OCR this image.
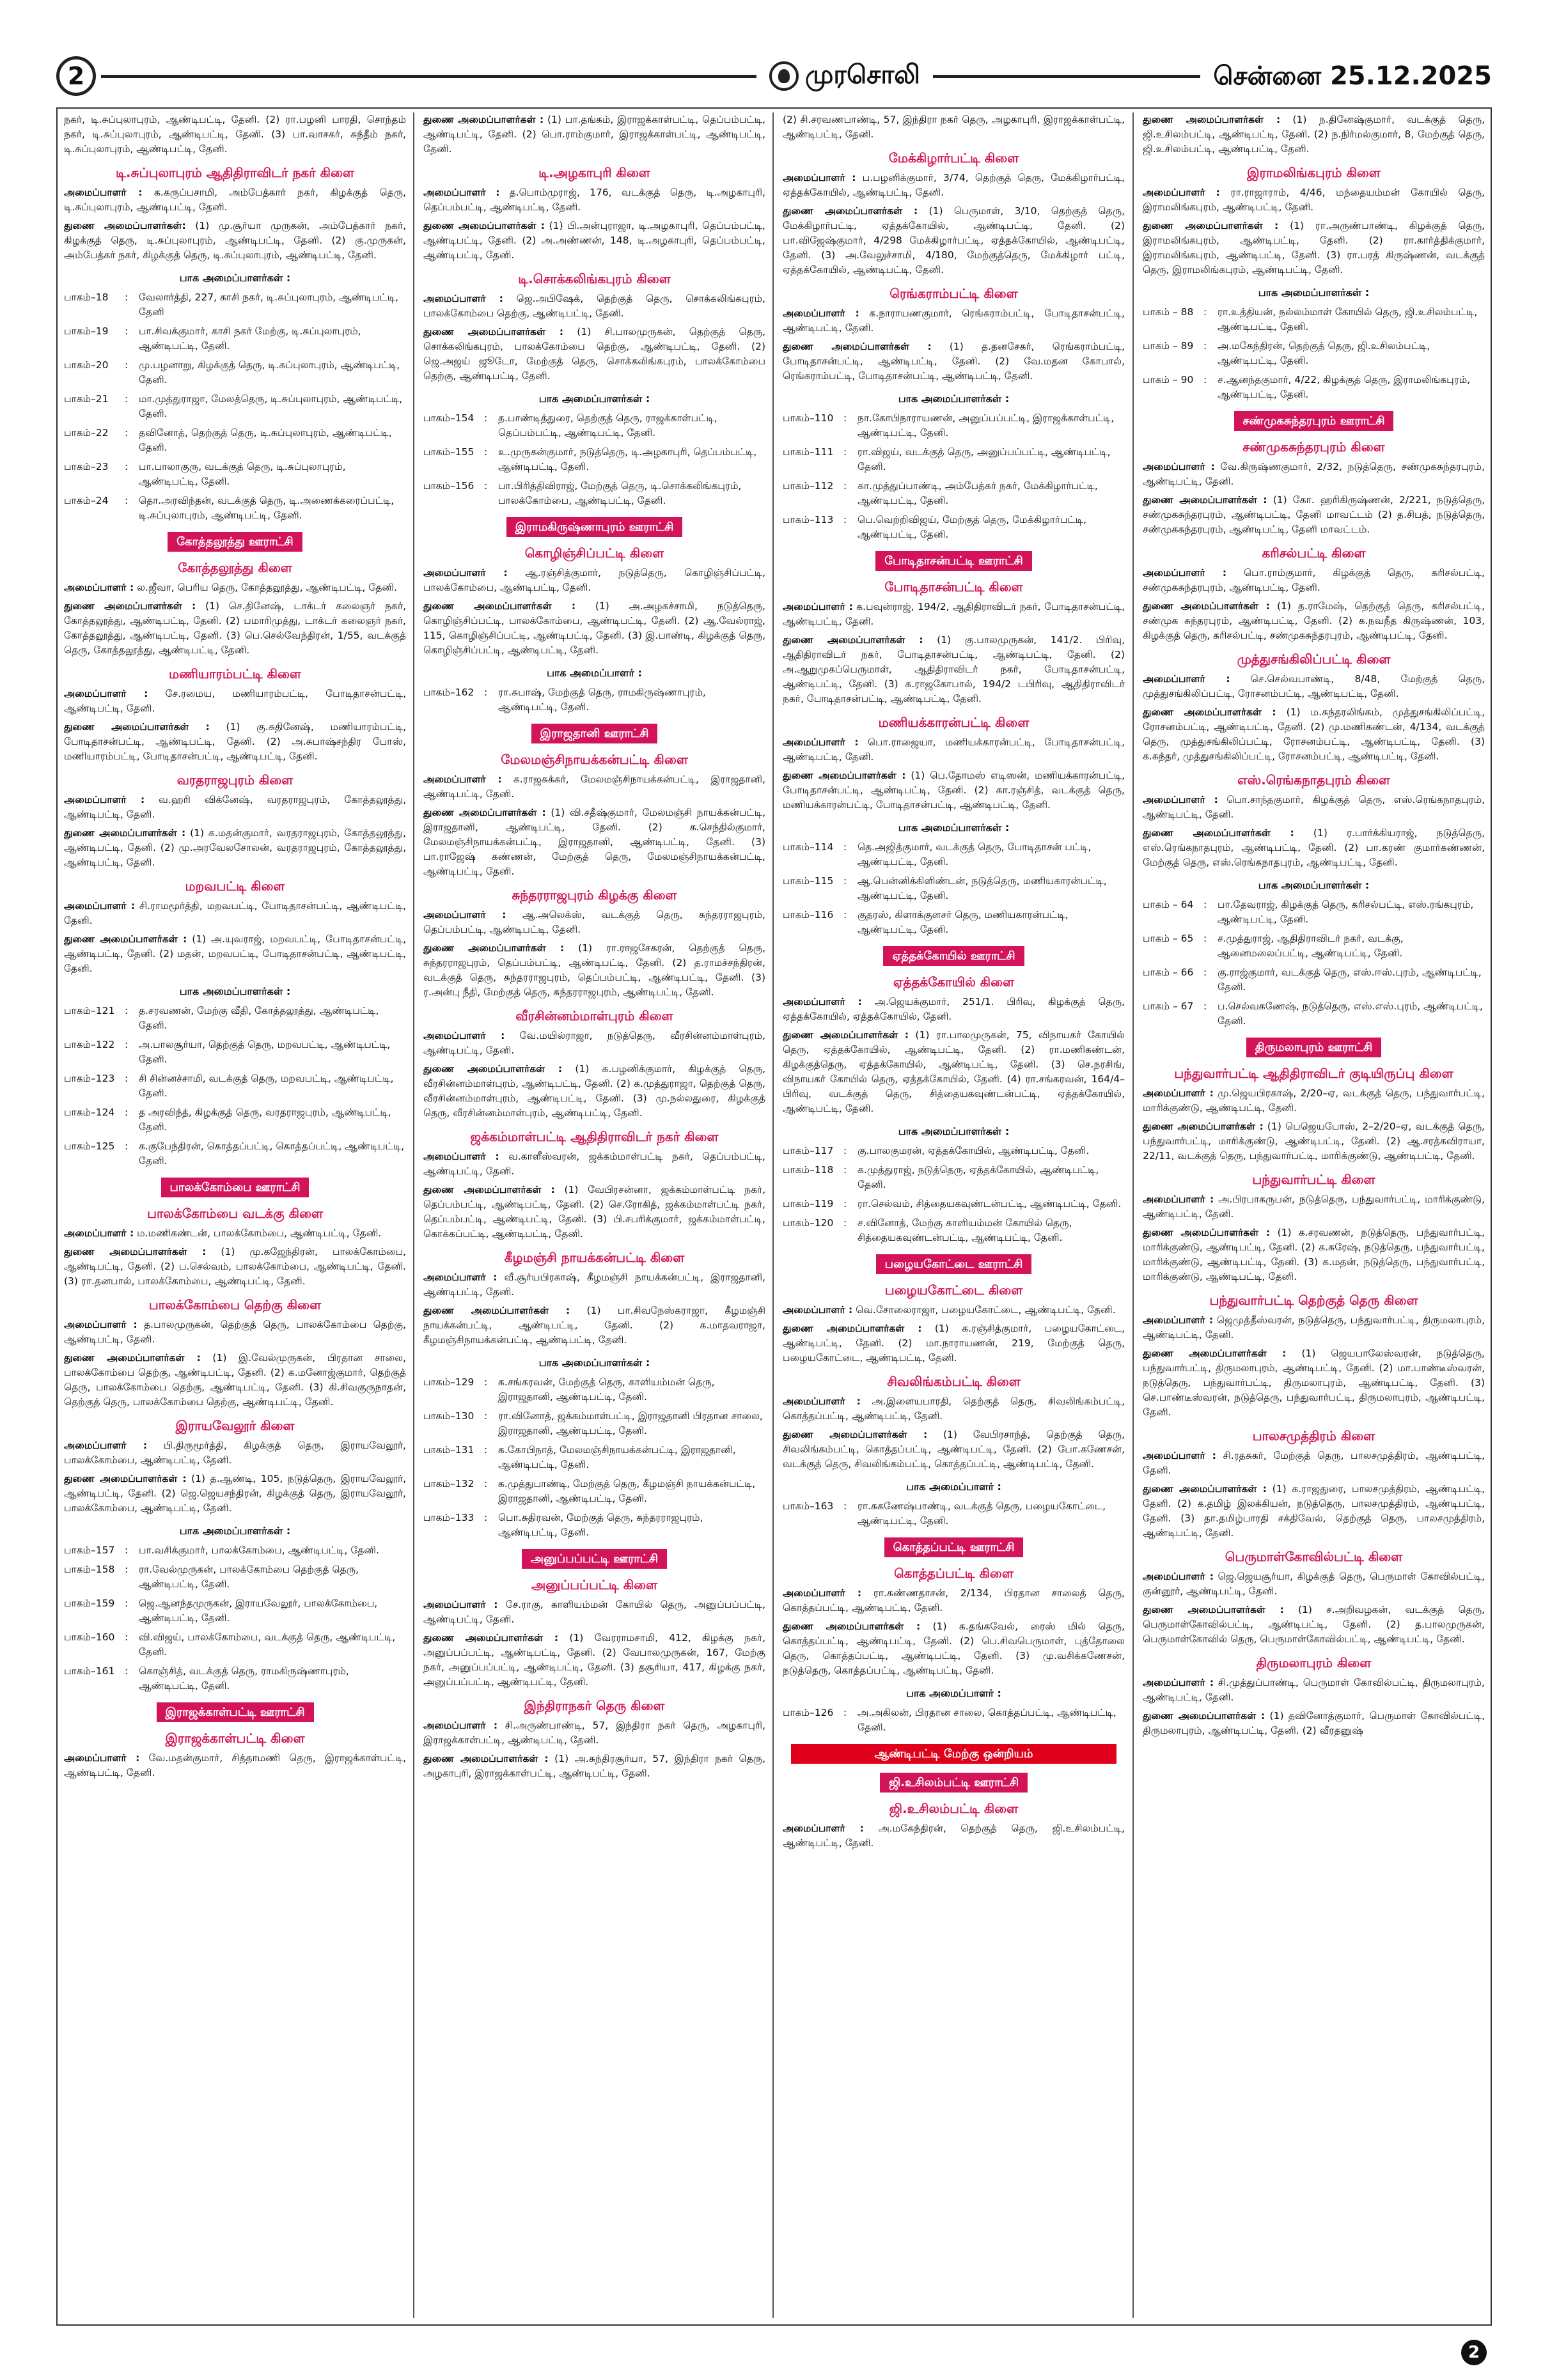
2	முரசொலி	சென்னை 25.12.2025
நகர், டி.சுப்புலாபுரம், ஆண்டிபட்டி, தேனி. (2) ரா.பழனி பாரதி, சொந்தம் நகர், டி.சுப்புலாபுரம், ஆண்டிபட்டி, தேனி. (3) பா.வாசகர், சுந்தீம் நகர், டி.சுப்புலாபுரம், ஆண்டிபட்டி, தேனி.
டி.சுப்புலாபுரம் ஆதிதிராவிடர் நகர் கிளை
அமைப்பாளர் : க.கருப்பசாமி, அம்பேத்கார் நகர், கிழக்குத் தெரு, டி.சுப்புலாபுரம், ஆண்டிபட்டி, தேனி.
துணை அமைப்பாளர்கள்: (1) மு.சூர்யா முருகன், அம்பேத்கார் நகர், கிழக்குத் தெரு, டி.சுப்புலாபுரம், ஆண்டிபட்டி, தேனி. (2) கு.முருகன், அம்பேத்கர் நகர், கிழக்குத் தெரு, டி.சுப்புலாபுரம், ஆண்டிபட்டி, தேனி.
பாக அமைப்பாளர்கள் :
பாகம்–18	:	வேலார்த்தி, 227, காசி நகர், டி.சுப்புலாபுரம், ஆண்டிபட்டி, தேனி
பாகம்–19	:	பா.சிவக்குமார், காசி நகர் மேற்கு, டி.சுப்புலாபுரம், ஆண்டிபட்டி, தேனி.
பாகம்–20	:	மு.பழனாறு, கிழக்குத் தெரு, டி.சுப்புலாபுரம், ஆண்டிபட்டி, தேனி.
பாகம்–21	:	மா.முத்துராஜா, மேலத்தெரு, டி.சுப்புலாபுரம், ஆண்டிபட்டி, தேனி.
பாகம்–22	:	தவினோத், தெற்குத் தெரு, டி.சுப்புலாபுரம், ஆண்டிபட்டி, தேனி.
பாகம்–23	:	பா.பாலாகுரு, வடக்குத் தெரு, டி.சுப்புலாபுரம், ஆண்டிபட்டி, தேனி.
பாகம்–24	:	தொ.அரவிந்தன், வடக்குத் தெரு, டி.அணைக்கரைப்பட்டி, டி.சுப்புலாபுரம், ஆண்டிபட்டி, தேனி.
கோத்தலூத்து ஊராட்சி
கோத்தலூத்து கிளை
அமைப்பாளர் : ல.ஜீவா, பெரிய தெரு, கோத்தலூத்து, ஆண்டிபட்டி, தேனி.
துணை அமைப்பாளர்கள் : (1) செ.தினேஷ், டாக்டர் கலைஞர் நகர், கோத்தலூத்து, ஆண்டிபட்டி, தேனி. (2) பமாரிமுத்து, டாக்டர் கலைஞர் நகர், கோத்தலூத்து, ஆண்டிபட்டி, தேனி. (3) பெ.செல்வேந்திரன், 1/55, வடக்குத் தெரு, கோத்தலூத்து, ஆண்டிபட்டி, தேனி.
மணியாரம்பட்டி கிளை
அமைப்பாளர் : சே.ரமைய, மணியாரம்பட்டி, போடிதாசன்பட்டி, ஆண்டிபட்டி, தேனி.
துணை அமைப்பாளர்கள் : (1) கு.சுதினேஷ், மணியாரம்பட்டி, போடிதாசன்பட்டி, ஆண்டிபட்டி, தேனி. (2) அ.சுபாஷ்சந்திர போஸ், மணியாரம்பட்டி, போடிதாசன்பட்டி, ஆண்டிபட்டி, தேனி.
வரதராஜபுரம் கிளை
அமைப்பாளர் : வ.ஹரி விக்னேஷ், வரதராஜபுரம், கோத்தலூத்து, ஆண்டிபட்டி, தேனி.
துணை அமைப்பாளர்கள் : (1) க.மதன்குமார், வரதராஜபுரம், கோத்தலூத்து, ஆண்டிபட்டி, தேனி. (2) மு.அரவேலசோலன், வரதராஜபுரம், கோத்தலூத்து, ஆண்டிபட்டி, தேனி.
மறவபட்டி கிளை
அமைப்பாளர் : சி.ராமமூர்த்தி, மறவபட்டி, போடிதாசன்பட்டி, ஆண்டிபட்டி, தேனி.
துணை அமைப்பாளர்கள் : (1) அ.யுவராஜ், மறவபட்டி, போடிதாசன்பட்டி, ஆண்டிபட்டி, தேனி. (2) மதன், மறவபட்டி, போடிதாசன்பட்டி, ஆண்டிபட்டி, தேனி.
பாக அமைப்பாளர்கள் :
பாகம்–121	:	த.சரவணன், மேற்கு வீதி, கோத்தலூத்து, ஆண்டிபட்டி, தேனி.
பாகம்–122	:	அ.பாலசூர்யா, தெற்குத் தெரு, மறவபட்டி, ஆண்டிபட்டி, தேனி.
பாகம்–123	:	சி சின்னச்சாமி, வடக்குத் தெரு, மறவபட்டி, ஆண்டிபட்டி, தேனி.
பாகம்–124	:	த அரவிந்த், கிழக்குத் தெரு, வரதராஜபுரம், ஆண்டிபட்டி, தேனி.
பாகம்–125	:	க.குபேந்திரன், கொத்தப்பட்டி, கொத்தப்பட்டி, ஆண்டிபட்டி, தேனி.
பாலக்கோம்பை ஊராட்சி
பாலக்கோம்பை வடக்கு கிளை
அமைப்பாளர் : ம.மணிகண்டன், பாலக்கோம்பை, ஆண்டிபட்டி, தேனி.
துணை அமைப்பாளர்கள் : (1) மு.கஜேந்திரன், பாலக்கோம்பை, ஆண்டிபட்டி, தேனி. (2) ப.செல்வம், பாலக்கோம்பை, ஆண்டிபட்டி, தேனி. (3) ரா.தனபால், பாலக்கோம்பை, ஆண்டிபட்டி, தேனி.
பாலக்கோம்பை தெற்கு கிளை
அமைப்பாளர் : த.பாலமுருகன், தெற்குத் தெரு, பாலக்கோம்பை தெற்கு, ஆண்டிபட்டி, தேனி.
துணை அமைப்பாளர்கள் : (1) இ.வேல்முருகன், பிரதான சாலை, பாலக்கோம்பை தெற்கு, ஆண்டிபட்டி, தேனி. (2) க.மனோஜ்குமார், தெற்குத் தெரு, பாலக்கோம்பை தெற்கு, ஆண்டிபட்டி, தேனி. (3) கி.சிவகுருநாதன், தெற்குத் தெரு, பாலக்கோம்பை தெற்கு, ஆண்டிபட்டி, தேனி.
இராயவேலூர் கிளை
அமைப்பாளர் : பி.திருமூர்த்தி, கிழக்குத் தெரு, இராயவேலூர், பாலக்கோம்பை, ஆண்டிபட்டி, தேனி.
துணை அமைப்பாளர்கள் : (1) த.ஆண்டி, 105, நடுத்தெரு, இராயவேலூர், ஆண்டிபட்டி, தேனி. (2) ஜெ.ஜெயசந்திரன், கிழக்குத் தெரு, இராயவேலூர், பாலக்கோம்பை, ஆண்டிபட்டி, தேனி.
பாக அமைப்பாளர்கள் :
பாகம்–157	:	பா.வசிக்குமார், பாலக்கோம்பை, ஆண்டிபட்டி, தேனி.
பாகம்–158	:	ரா.வேல்முருகன், பாலக்கோம்பை தெற்குத் தெரு, ஆண்டிபட்டி, தேனி.
பாகம்–159	:	ஜெ.ஆனந்தமுருகன், இராயவேலூர், பாலக்கோம்பை, ஆண்டிபட்டி, தேனி.
பாகம்–160	:	வி.விஜய், பாலக்கோம்பை, வடக்குத் தெரு, ஆண்டிபட்டி, தேனி.
பாகம்–161	:	கொஞ்சித், வடக்குத் தெரு, ராமகிருஷ்ணாபுரம், ஆண்டிபட்டி, தேனி.
இராஜக்காள்பட்டி ஊராட்சி
இராஜக்காள்பட்டி கிளை
அமைப்பாளர் : வே.மதன்குமார், சித்தாமணி தெரு, இராஜக்காள்பட்டி, ஆண்டிபட்டி, தேனி.
துணை அமைப்பாளர்கள் : (1) பா.தங்கம், இராஜக்காள்பட்டி, தெப்பம்பட்டி, ஆண்டிபட்டி, தேனி. (2) பொ.ராம்குமார், இராஜக்காள்பட்டி, ஆண்டிபட்டி, தேனி.
டி.அழகாபுரி கிளை
அமைப்பாளர் : த.பொம்முராஜ், 176, வடக்குத் தெரு, டி.அழகாபுரி, தெப்பம்பட்டி, ஆண்டிபட்டி, தேனி.
துணை அமைப்பாளர்கள் : (1) பி.அன்புராஜா, டி.அழகாபுரி, தெப்பம்பட்டி, ஆண்டிபட்டி, தேனி. (2) அ.அண்ணன், 148, டி.அழகாபுரி, தெப்பம்பட்டி, ஆண்டிபட்டி, தேனி.
டி.சொக்கலிங்கபுரம் கிளை
அமைப்பாளர் : ஜெ.அபிஷேக், தெற்குத் தெரு, சொக்கலிங்கபுரம், பாலக்கோம்பை தெற்கு, ஆண்டிபட்டி, தேனி.
துணை அமைப்பாளர்கள் : (1) சி.பாலமுருகன், தெற்குத் தெரு, சொக்கலிங்கபுரம், பாலக்கோம்பை தெற்கு, ஆண்டிபட்டி, தேனி. (2) ஜெ.அஜய் ஜூடோ, மேற்குத் தெரு, சொக்கலிங்கபுரம், பாலக்கோம்பை தெற்கு, ஆண்டிபட்டி, தேனி.
பாக அமைப்பாளர்கள் :
பாகம்–154	:	த.பாண்டித்துரை, தெற்குத் தெரு, ராஜக்காள்பட்டி, தெப்பம்பட்டி, ஆண்டிபட்டி, தேனி.
பாகம்–155	:	உ.முருகன்குமார், நடுத்தெரு, டி.அழகாபுரி, தெப்பம்பட்டி, ஆண்டிபட்டி, தேனி.
பாகம்–156	:	பா.பிரித்திவிராஜ், மேற்குத் தெரு, டி.சொக்கலிங்கபுரம், பாலக்கோம்பை, ஆண்டிபட்டி, தேனி.
இராமகிருஷ்ணாபுரம் ஊராட்சி
கொழிஞ்சிப்பட்டி கிளை
அமைப்பாளர் : ஆ.ரஞ்சித்குமார், நடுத்தெரு, கொழிஞ்சிப்பட்டி, பாலக்கோம்பை, ஆண்டிபட்டி, தேனி.
துணை அமைப்பாளர்கள் : (1) அ.அழகச்சாமி, நடுத்தெரு, கொழிஞ்சிப்பட்டி, பாலக்கோம்பை, ஆண்டிபட்டி, தேனி. (2) ஆ.வேல்ராஜ், 115, கொழிஞ்சிப்பட்டி, ஆண்டிபட்டி, தேனி. (3) இ.பாண்டி, கிழக்குத் தெரு, கொழிஞ்சிப்பட்டி, ஆண்டிபட்டி, தேனி.
பாக அமைப்பாளர் :
பாகம்–162	:	ரா.சுபாஷ், மேற்குத் தெரு, ராமகிருஷ்ணாபுரம், ஆண்டிபட்டி, தேனி.
இராஜதானி ஊராட்சி
மேலமஞ்சிநாயக்கன்பட்டி கிளை
அமைப்பாளர் : க.ராஜசுக்கர், மேலமஞ்சிநாயக்கன்பட்டி, இராஜதானி, ஆண்டிபட்டி, தேனி.
துணை அமைப்பாளர்கள் : (1) வி.சதீஷ்குமார், மேலமஞ்சி நாயக்கன்பட்டி, இராஜதானி, ஆண்டிபட்டி, தேனி. (2) க.செந்தில்குமார், மேலமஞ்சிநாயக்கன்பட்டி, இராஜதானி, ஆண்டிபட்டி, தேனி. (3) பா.ராஜேஷ் கண்ணன், மேற்குத் தெரு, மேலமஞ்சிநாயக்கன்பட்டி, ஆண்டிபட்டி, தேனி.
சுந்தரராஜபுரம் கிழக்கு கிளை
அமைப்பாளர் : ஆ.அலெக்ஸ், வடக்குத் தெரு, சுந்தரராஜபுரம், தெப்பம்பட்டி, ஆண்டிபட்டி, தேனி.
துணை அமைப்பாளர்கள் : (1) ரா.ராஜசேகரன், தெற்குத் தெரு, சுந்தரராஜபுரம், தெப்பம்பட்டி, ஆண்டிபட்டி, தேனி. (2) த.ராமச்சந்திரன், வடக்குத் தெரு, சுந்தரராஜபுரம், தெப்பம்பட்டி, ஆண்டிபட்டி, தேனி. (3) ர.அன்பு நீதி, மேற்குத் தெரு, சுந்தரராஜபுரம், ஆண்டிபட்டி, தேனி.
வீரசின்னம்மாள்புரம் கிளை
அமைப்பாளர் : வே.மயில்ராஜா, நடுத்தெரு, வீரசின்னம்மாள்புரம், ஆண்டிபட்டி, தேனி.
துணை அமைப்பாளர்கள் : (1) க.பழனிக்குமார், கிழக்குத் தெரு, வீரசின்னம்மாள்புரம், ஆண்டிபட்டி, தேனி. (2) க.முத்துராஜா, தெற்குத் தெரு, வீரசின்னம்மாள்புரம், ஆண்டிபட்டி, தேனி. (3) மு.நல்லதுரை, கிழக்குத் தெரு, வீரசின்னம்மாள்புரம், ஆண்டிபட்டி, தேனி.
ஜக்கம்மாள்பட்டி ஆதிதிராவிடர் நகர் கிளை
அமைப்பாளர் : வ.காளீஸ்வரன், ஜக்கம்மாள்பட்டி நகர், தெப்பம்பட்டி, ஆண்டிபட்டி, தேனி.
துணை அமைப்பாளர்கள் : (1) வேபிரசன்னா, ஜக்கம்மாள்பட்டி நகர், தெப்பம்பட்டி, ஆண்டிபட்டி, தேனி. (2) செ.ரோகித், ஜக்கம்மாள்பட்டி நகர், தெப்பம்பட்டி, ஆண்டிபட்டி, தேனி. (3) பி.சபரிக்குமார், ஜக்கம்மாள்பட்டி, கொக்கப்பட்டி, ஆண்டிபட்டி, தேனி.
கீழமஞ்சி நாயக்கன்பட்டி கிளை
அமைப்பாளர் : வீ.சூர்யபிரகாஷ், கீழமஞ்சி நாயக்கன்பட்டி, இராஜதானி, ஆண்டிபட்டி, தேனி.
துணை அமைப்பாளர்கள் : (1) பா.சிவநேஸ்கராஜா, கீழமஞ்சி நாயக்கன்பட்டி, ஆண்டிபட்டி, தேனி. (2) க.மாதவராஜா, கீழமஞ்சிநாயக்கன்பட்டி, ஆண்டிபட்டி, தேனி.
பாக அமைப்பாளர்கள் :
பாகம்–129	:	க.சங்கரவன், மேற்குத் தெரு, காளியம்மன் தெரு, இராஜதானி, ஆண்டிபட்டி, தேனி.
பாகம்–130	:	ரா.வினோத், ஜக்கம்மாள்பட்டி, இராஜதானி பிரதான சாலை, இராஜதானி, ஆண்டிபட்டி, தேனி.
பாகம்–131	:	க.கோபிநாத், மேலமஞ்சிநாயக்கன்பட்டி, இராஜதானி, ஆண்டிபட்டி, தேனி.
பாகம்–132	:	க.முத்துபாண்டி, மேற்குத் தெரு, கீழமஞ்சி நாயக்கன்பட்டி, இராஜதானி, ஆண்டிபட்டி, தேனி.
பாகம்–133	:	பொ.சுதிரவன், மேற்குத் தெரு, சுந்தரராஜபுரம், ஆண்டிபட்டி, தேனி.
அனுப்பப்பட்டி ஊராட்சி
அனுப்பப்பட்டி கிளை
அமைப்பாளர் : சே.ராகு, காளியம்மன் கோயில் தெரு, அனுப்பப்பட்டி, ஆண்டிபட்டி, தேனி.
துணை அமைப்பாளர்கள் : (1) வேரராமசாமி, 412, கிழக்கு நகர், அனுப்பப்பட்டி, ஆண்டிபட்டி, தேனி. (2) வேபாலமுருகன், 167, மேற்கு நகர், அனுப்பப்பட்டி, ஆண்டிபட்டி, தேனி. (3) தசூரியா, 417, கிழக்கு நகர், அனுப்பப்பட்டி, ஆண்டிபட்டி, தேனி.
இந்திராநகர் தெரு கிளை
அமைப்பாளர் : சி.அருண்பாண்டி, 57, இந்திரா நகர் தெரு, அழகாபுரி, இராஜக்காள்பட்டி, ஆண்டிபட்டி, தேனி.
துணை அமைப்பாளர்கள் : (1) அ.சுந்திரசூர்யா, 57, இந்திரா நகர் தெரு, அழகாபுரி, இராஜக்காள்பட்டி, ஆண்டிபட்டி, தேனி.
(2) சி.சரவணபாண்டி, 57, இந்திரா நகர் தெரு, அழகாபுரி, இராஜக்காள்பட்டி, ஆண்டிபட்டி, தேனி.
மேக்கிழார்பட்டி கிளை
அமைப்பாளர் : ப.பழனிக்குமார், 3/74, தெற்குத் தெரு, மேக்கிழார்பட்டி, ஏத்தக்கோயில், ஆண்டிபட்டி, தேனி.
துணை அமைப்பாளர்கள் : (1) பெருமாள், 3/10, தெற்குத் தெரு, மேக்கிழார்பட்டி, ஏத்தக்கோயில், ஆண்டிபட்டி, தேனி. (2) பா.விஜேஷ்குமார், 4/298 மேக்கிழார்பட்டி, ஏத்தக்கோயில், ஆண்டிபட்டி, தேனி. (3) அ.வேலுச்சாமி, 4/180, மேற்குத்தெரு, மேக்கிழார் பட்டி, ஏத்தக்கோயில், ஆண்டிபட்டி, தேனி.
ரெங்கராம்பட்டி கிளை
அமைப்பாளர் : க.நாராயணகுமார், ரெங்கராம்பட்டி, போடிதாசன்பட்டி, ஆண்டிபட்டி, தேனி.
துணை அமைப்பாளர்கள் : (1) த.தனசேகர், ரெங்கராம்பட்டி, போடிதாசன்பட்டி, ஆண்டிபட்டி, தேனி. (2) வே.மதன கோபால், ரெங்கராம்பட்டி, போடிதாசன்பட்டி, ஆண்டிபட்டி, தேனி.
பாக அமைப்பாளர்கள் :
பாகம்–110	:	நா.கோபிநாராயணன், அனுப்பப்பட்டி, இராஜக்காள்பட்டி, ஆண்டிபட்டி, தேனி.
பாகம்–111	:	ரா.விஜய், வடக்குத் தெரு, அனுப்பப்பட்டி, ஆண்டிபட்டி, தேனி.
பாகம்–112	:	கா.முத்துப்பாண்டி, அம்பேத்கர் நகர், மேக்கிழார்பட்டி, ஆண்டிபட்டி, தேனி.
பாகம்–113	:	பெ.வெற்றிவிஜய், மேற்குத் தெரு, மேக்கிழார்பட்டி, ஆண்டிபட்டி, தேனி.
போடிதாசன்பட்டி ஊராட்சி
போடிதாசன்பட்டி கிளை
அமைப்பாளர் : க.பவுன்ராஜ், 194/2, ஆதிதிராவிடர் நகர், போடிதாசன்பட்டி, ஆண்டிபட்டி, தேனி.
துணை அமைப்பாளர்கள் : (1) கு.பாலமுருகன், 141/2. பிரிவு, ஆதிதிராவிடர் நகர், போடிதாசன்பட்டி, ஆண்டிபட்டி, தேனி. (2) அ.ஆறுமுகப்பெருமாள், ஆதிதிராவிடர் நகர், போடிதாசன்பட்டி, ஆண்டிபட்டி, தேனி. (3) க.ராஜகோபால், 194/2 டபிரிவு, ஆதிதிராவிடர் நகர், போடிதாசன்பட்டி, ஆண்டிபட்டி, தேனி.
மணியக்காரன்பட்டி கிளை
அமைப்பாளர் : பொ.ராஜையா, மணியக்காரன்பட்டி, போடிதாசன்பட்டி, ஆண்டிபட்டி, தேனி.
துணை அமைப்பாளர்கள் : (1) பெ.தோமஸ் எடிஸன், மணியக்காரன்பட்டி, போடிதாசன்பட்டி, ஆண்டிபட்டி, தேனி. (2) கா.ரஞ்சித், வடக்குத் தெரு, மணியக்காரன்பட்டி, போடிதாசன்பட்டி, ஆண்டிபட்டி, தேனி.
பாக அமைப்பாளர்கள் :
பாகம்–114	:	தெ.அஜித்குமார், வடக்குத் தெரு, போடிதாசன் பட்டி, ஆண்டிபட்டி, தேனி.
பாகம்–115	:	ஆ.பென்னிக்கிளிண்டன், நடுத்தெரு, மணியகாரன்பட்டி, ஆண்டிபட்டி, தேனி.
பாகம்–116	:	குதரஸ், கிளாக்குளசர் தெரு, மணியகாரன்பட்டி, ஆண்டிபட்டி, தேனி.
ஏத்தக்கோயில் ஊராட்சி
ஏத்தக்கோயில் கிளை
அமைப்பாளர் : அ.ஜெயக்குமார், 251/1. பிரிவு, கிழக்குத் தெரு, ஏத்தக்கோயில், ஏத்தக்கோயில், தேனி.
துணை அமைப்பாளர்கள் : (1) ரா.பாலமுருகன், 75, விநாயகர் கோயில் தெரு, ஏத்தக்கோயில், ஆண்டிபட்டி, தேனி. (2) ரா.மணிகண்டன், கிழக்குத்தெரு, ஏத்தக்கோயில், ஆண்டிபட்டி, தேனி. (3) செ.நரசிங், விநாயகர் கோயில் தெரு, ஏத்தக்கோயில், தேனி. (4) ரா.சங்கரவன், 164/4–பிரிவு, வடக்குத் தெரு, சித்தையகவுண்டன்பட்டி, ஏத்தக்கோயில், ஆண்டிபட்டி, தேனி.
பாக அமைப்பாளர்கள் :
பாகம்–117	:	கு.பாலகுமரன், ஏத்தக்கோயில், ஆண்டிபட்டி, தேனி.
பாகம்–118	:	க.முத்துராஜ், நடுத்தெரு, ஏத்தக்கோயில், ஆண்டிபட்டி, தேனி.
பாகம்–119	:	ரா.செல்வம், சித்தையகவுண்டன்பட்டி, ஆண்டிபட்டி, தேனி.
பாகம்–120	:	ச.வினோத், மேற்கு காளியம்மன் கோயில் தெரு, சித்தையகவுண்டன்பட்டி, ஆண்டிபட்டி, தேனி.
பழையகோட்டை ஊராட்சி
பழையகோட்டை கிளை
அமைப்பாளர் : வெ.சோலைராஜா, பழையகோட்டை, ஆண்டிபட்டி, தேனி.
துணை அமைப்பாளர்கள் : (1) க.ரஞ்சித்குமார், பழையகோட்டை, ஆண்டிபட்டி, தேனி. (2) மா.நாராயணன், 219, மேற்குத் தெரு, பழையகோட்டை, ஆண்டிபட்டி, தேனி.
சிவலிங்கம்பட்டி கிளை
அமைப்பாளர் : அ.இளையபாரதி, தெற்குத் தெரு, சிவலிங்கம்பட்டி, கொத்தப்பட்டி, ஆண்டிபட்டி, தேனி.
துணை அமைப்பாளர்கள் : (1) வேபிரசாந்த், தெற்குத் தெரு, சிவலிங்கம்பட்டி, கொத்தப்பட்டி, ஆண்டிபட்டி, தேனி. (2) போ.கணேசன், வடக்குத் தெரு, சிவலிங்கம்பட்டி, கொத்தப்பட்டி, ஆண்டிபட்டி, தேனி.
பாக அமைப்பாளர் :
பாகம்–163	:	ரா.சுகணேஷ்பாண்டி, வடக்குத் தெரு, பழையகோட்டை, ஆண்டிபட்டி, தேனி.
கொத்தப்பட்டி ஊராட்சி
கொத்தப்பட்டி கிளை
அமைப்பாளர் : ரா.கண்ணதாசன், 2/134, பிரதான சாலைத் தெரு, கொத்தப்பட்டி, ஆண்டிபட்டி, தேனி.
துணை அமைப்பாளர்கள் : (1) க.தங்கவேல், ரைஸ் மில் தெரு, கொத்தப்பட்டி, ஆண்டிபட்டி, தேனி. (2) பெ.சிவபெருமாள், புத்தோலை தெரு, கொத்தப்பட்டி, ஆண்டிபட்டி, தேனி. (3) மு.வசிக்கணேசன், நடுத்தெரு, கொத்தப்பட்டி, ஆண்டிபட்டி, தேனி.
பாக அமைப்பாளர் :
பாகம்–126	:	அ.அகிலன், பிரதான சாலை, கொத்தப்பட்டி, ஆண்டிபட்டி, தேனி.
ஆண்டிபட்டி மேற்கு ஒன்றியம்
ஜி.உசிலம்பட்டி ஊராட்சி
ஜி.உசிலம்பட்டி கிளை
அமைப்பாளர் : அ.மகேந்திரன், தெற்குத் தெரு, ஜி.உசிலம்பட்டி, ஆண்டிபட்டி, தேனி.
துணை அமைப்பாளர்கள் : (1) ந.தினேஷ்குமார், வடக்குத் தெரு, ஜி.உசிலம்பட்டி, ஆண்டிபட்டி, தேனி. (2) ந.நிர்மல்குமார், 8, மேற்குத் தெரு, ஜி.உசிலம்பட்டி, ஆண்டிபட்டி, தேனி.
இராமலிங்கபுரம் கிளை
அமைப்பாளர் : ரா.ராஜாராம், 4/46, மந்தையம்மன் கோயில் தெரு, இராமலிங்கபுரம், ஆண்டிபட்டி, தேனி.
துணை அமைப்பாளர்கள் : (1) ரா.அருண்பாண்டி, கிழக்குத் தெரு, இராமலிங்கபுரம், ஆண்டிபட்டி, தேனி. (2) ரா.கார்த்திக்குமார், இராமலிங்கபுரம், ஆண்டிபட்டி, தேனி. (3) ரா.பரத் கிருஷ்ணன், வடக்குத் தெரு, இராமலிங்கபுரம், ஆண்டிபட்டி, தேனி.
பாக அமைப்பாளர்கள் :
பாகம் – 88	:	ரா.உத்தியன், நல்லம்மாள் கோயில் தெரு, ஜி.உசிலம்பட்டி, ஆண்டிபட்டி, தேனி.
பாகம் – 89	:	அ.மகேந்திரன், தெற்குத் தெரு, ஜி.உசிலம்பட்டி, ஆண்டிபட்டி, தேனி.
பாகம் – 90	:	ச.ஆனந்தகுமார், 4/22, கிழக்குத் தெரு, இராமலிங்கபுரம், ஆண்டிபட்டி, தேனி.
சண்முகசுந்தரபுரம் ஊராட்சி
சண்முகசுந்தரபுரம் கிளை
அமைப்பாளர் : வே.கிருஷ்ணகுமார், 2/32, நடுத்தெரு, சண்முகசுந்தரபுரம், ஆண்டிபட்டி, தேனி.
துணை அமைப்பாளர்கள் : (1) கோ. ஹரிகிருஷ்ணன், 2/221, நடுத்தெரு, சண்முகசுந்தரபுரம், ஆண்டிபட்டி, தேனி மாவட்டம் (2) த.சிபத், நடுத்தெரு, சண்முகசுந்தரபுரம், ஆண்டிபட்டி, தேனி மாவட்டம்.
கரிசல்பட்டி கிளை
அமைப்பாளர் : பொ.ராம்குமார், கிழக்குத் தெரு, கரிசல்பட்டி, சண்முகசுந்தரபுரம், ஆண்டிபட்டி, தேனி.
துணை அமைப்பாளர்கள் : (1) த.ராமேஷ், தெற்குத் தெரு, கரிசல்பட்டி, சண்முக சுந்தரபுரம், ஆண்டிபட்டி, தேனி. (2) க.நவநீத கிருஷ்ணன், 103, கிழக்குத் தெரு, கரிசல்பட்டி, சண்முகசுந்தரபுரம், ஆண்டிபட்டி, தேனி.
முத்துசங்கிலிப்பட்டி கிளை
அமைப்பாளர் : செ.செல்வபாண்டி, 8/48, மேற்குத் தெரு, முத்துசங்கிலிப்பட்டி, ரோசனம்பட்டி, ஆண்டிபட்டி, தேனி.
துணை அமைப்பாளர்கள் : (1) ம.சுந்தரலிங்கம், முத்துசங்கிலிப்பட்டி, ரோசனம்பட்டி, ஆண்டிபட்டி, தேனி. (2) மு.மணிகண்டன், 4/134, வடக்குத் தெரு, முத்துசங்கிலிப்பட்டி, ரோசனம்பட்டி, ஆண்டிபட்டி, தேனி. (3) க.சுந்தர், முத்துசங்கிலிப்பட்டி, ரோசனம்பட்டி, ஆண்டிபட்டி, தேனி.
எஸ்.ரெங்கநாதபுரம் கிளை
அமைப்பாளர் : பொ.சாந்தகுமார், கிழக்குத் தெரு, எஸ்.ரெங்கநாதபுரம், ஆண்டிபட்டி, தேனி.
துணை அமைப்பாளர்கள் : (1) ர.பார்க்கியராஜ், நடுத்தெரு, எஸ்.ரெங்கநாதபுரம், ஆண்டிபட்டி, தேனி. (2) பா.கரண் குமார்கண்ணன், மேற்குத் தெரு, எஸ்.ரெங்கநாதபுரம், ஆண்டிபட்டி, தேனி.
பாக அமைப்பாளர்கள் :
பாகம் – 64	:	பா.தேவராஜ், கிழக்குத் தெரு, கரிசல்பட்டி, எஸ்.ரங்கபுரம், ஆண்டிபட்டி, தேனி.
பாகம் – 65	:	ச.முத்துராஜ், ஆதிதிராவிடர் நகர், வடக்கு, ஆனைமலைப்பட்டி, ஆண்டிபட்டி, தேனி.
பாகம் – 66	:	கு.ராஜ்குமார், வடக்குத் தெரு, எஸ்.ஈஸ்.புரம், ஆண்டிபட்டி, தேனி.
பாகம் – 67	:	ப.செல்வகணேஷ், நடுத்தெரு, எஸ்.எஸ்.புரம், ஆண்டிபட்டி, தேனி.
திருமலாபுரம் ஊராட்சி
பந்துவார்பட்டி ஆதிதிராவிடர் குடியிருப்பு கிளை
அமைப்பாளர் : மு.ஜெயபிரகாஷ், 2/20–ஏ, வடக்குத் தெரு, பந்துவார்பட்டி, மாரிக்குண்டு, ஆண்டிபட்டி, தேனி.
துணை அமைப்பாளர்கள் : (1) பெஜெயபோஸ், 2–2/20–ஏ, வடக்குத் தெரு, பந்துவார்பட்டி, மாரிக்குண்டு, ஆண்டிபட்டி, தேனி. (2) ஆ.சரத்கவிராயா, 22/11, வடக்குத் தெரு, பந்துவார்பட்டி, மாரிக்குண்டு, ஆண்டிபட்டி, தேனி.
பந்துவார்பட்டி கிளை
அமைப்பாளர் : அ.பிரபாகருபன், நடுத்தெரு, பந்துவார்பட்டி, மாரிக்குண்டு, ஆண்டிபட்டி, தேனி.
துணை அமைப்பாளர்கள் : (1) க.சரவணன், நடுத்தெரு, பந்துவார்பட்டி, மாரிக்குண்டு, ஆண்டிபட்டி, தேனி. (2) க.சுரேஷ், நடுத்தெரு, பந்துவார்பட்டி, மாரிக்குண்டு, ஆண்டிபட்டி, தேனி. (3) க.மதன், நடுத்தெரு, பந்துவார்பட்டி, மாரிக்குண்டு, ஆண்டிபட்டி, தேனி.
பந்துவார்பட்டி தெற்குத் தெரு கிளை
அமைப்பாளர் : ஜெமுத்தீஸ்வரன், நடுத்தெரு, பந்துவார்பட்டி, திருமலாபுரம், ஆண்டிபட்டி, தேனி.
துணை அமைப்பாளர்கள் : (1) ஜெயபாலேஸ்வரன், நடுத்தெரு, பந்துவார்பட்டி, திருமலாபுரம், ஆண்டிபட்டி, தேனி. (2) மா.பாண்டீஸ்வரன், நடுத்தெரு, பந்துவார்பட்டி, திருமலாபுரம், ஆண்டிபட்டி, தேனி. (3) செ.பாண்டீஸ்வரன், நடுத்தெரு, பந்துவார்பட்டி, திருமலாபுரம், ஆண்டிபட்டி, தேனி.
பாலசமுத்திரம் கிளை
அமைப்பாளர் : சி.ரதசுகர், மேற்குத் தெரு, பாலசமுத்திரம், ஆண்டிபட்டி, தேனி.
துணை அமைப்பாளர்கள் : (1) க.ராஜதுரை, பாலசமுத்திரம், ஆண்டிபட்டி, தேனி. (2) க.தமிழ் இலக்கியன், நடுத்தெரு, பாலசமுத்திரம், ஆண்டிபட்டி, தேனி. (3) தா.தமிழ்பாரதி சக்திவேல், தெற்குத் தெரு, பாலசமுத்திரம், ஆண்டிபட்டி, தேனி.
பெருமாள்கோவில்பட்டி கிளை
அமைப்பாளர் : ஜெ.ஜெயசூர்யா, கிழக்குத் தெரு, பெருமாள் கோவில்பட்டி, குன்னூர், ஆண்டிபட்டி, தேனி.
துணை அமைப்பாளர்கள் : (1) ச.அறிவழகன், வடக்குத் தெரு, பெருமாள்கோவில்பட்டி, ஆண்டிபட்டி, தேனி. (2) த.பாலமுருகன், பெருமாள்கோவில் தெரு, பெருமாள்கோவில்பட்டி, ஆண்டிபட்டி, தேனி.
திருமலாபுரம் கிளை
அமைப்பாளர் : சி.முத்துப்பாண்டி, பெருமாள் கோவில்பட்டி, திருமலாபுரம், ஆண்டிபட்டி, தேனி.
துணை அமைப்பாளர்கள் : (1) தவினோத்குமார், பெருமாள் கோவில்பட்டி, திருமலாபுரம், ஆண்டிபட்டி, தேனி. (2) வீரதனுஷ்
2
